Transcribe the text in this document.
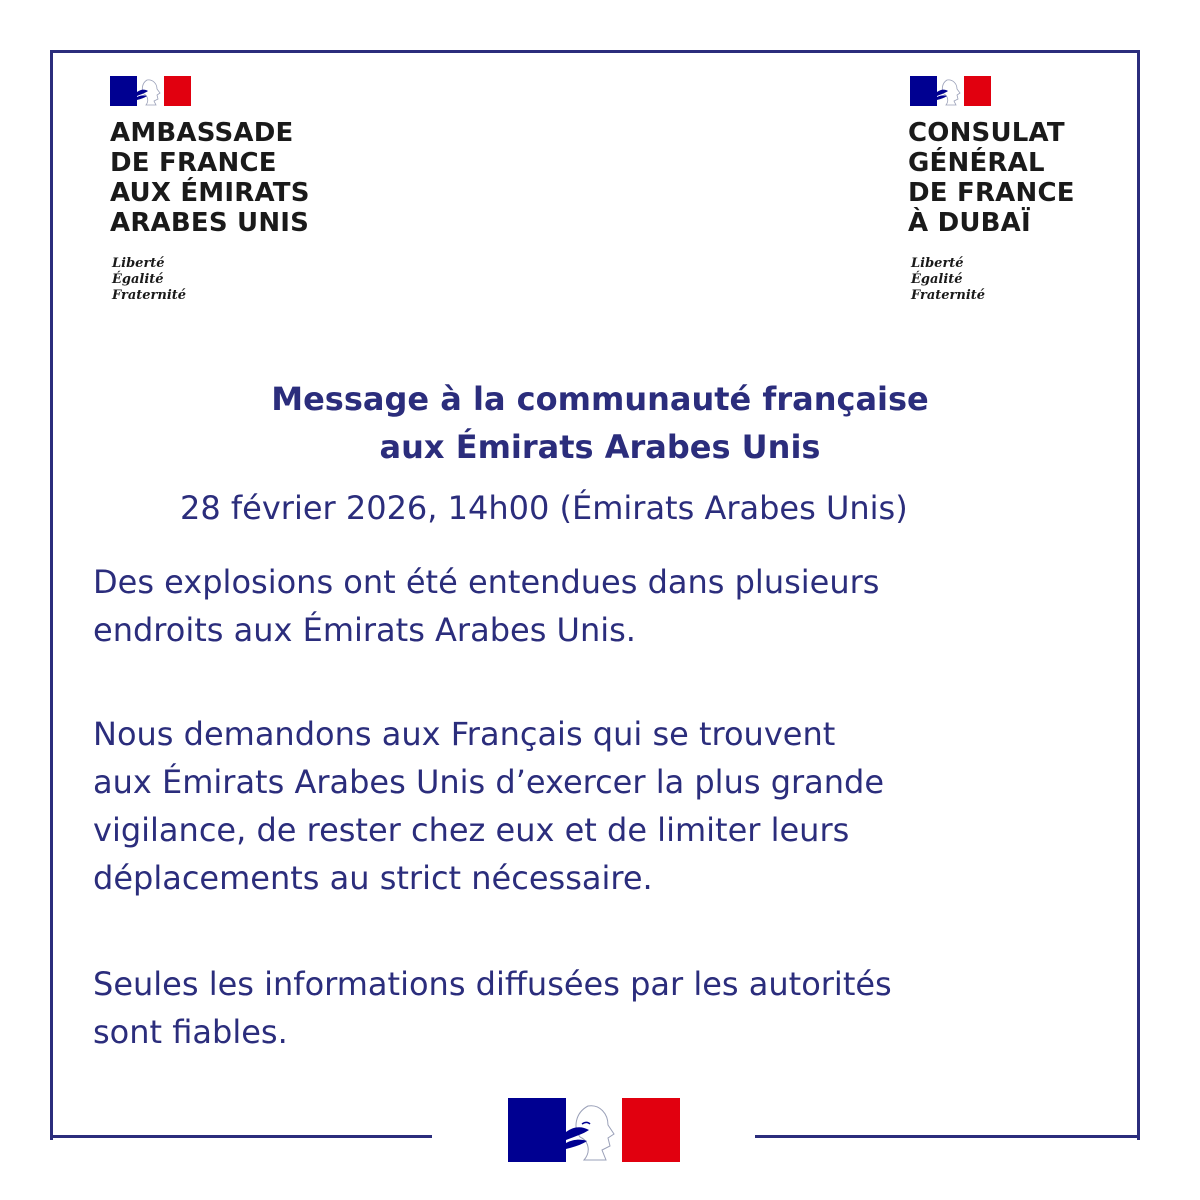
AMBASSADE
DE FRANCE
AUX ÉMIRATS
ARABES UNIS
Liberté
Égalité
Fraternité
CONSULAT
GÉNÉRAL
DE FRANCE
À DUBAÏ
Liberté
Égalité
Fraternité
Message à la communauté française
aux Émirats Arabes Unis

28 février 2026, 14h00 (Émirats Arabes Unis)

Des explosions ont été entendues dans plusieurs
endroits aux Émirats Arabes Unis.

Nous demandons aux Français qui se trouvent
aux Émirats Arabes Unis d’exercer la plus grande
vigilance, de rester chez eux et de limiter leurs
déplacements au strict nécessaire.

Seules les informations diffusées par les autorités
sont fiables.
